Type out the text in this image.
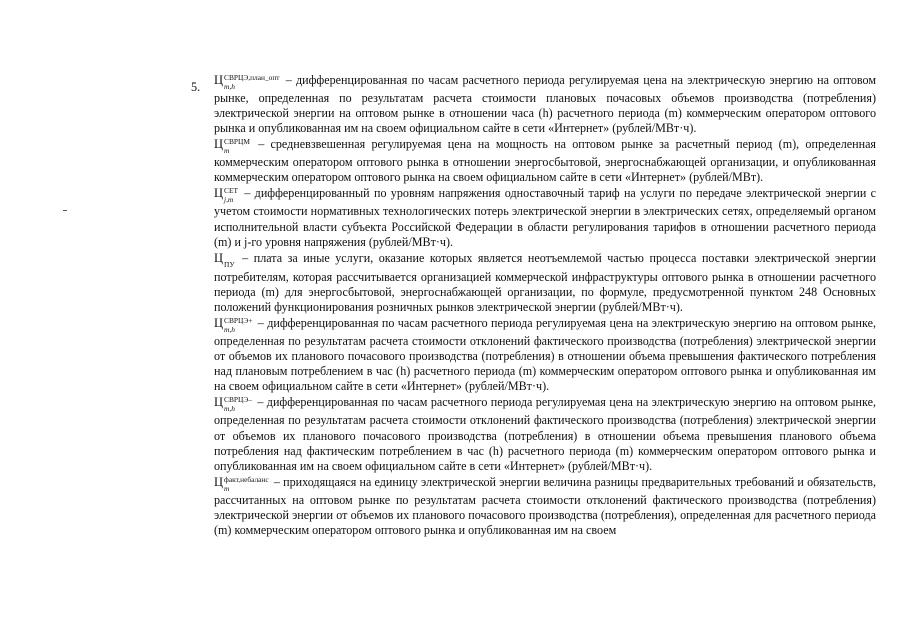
5. Ц СВРЦЭ,план_опт
m,h	– дифференцированная по часам расчетного периода регулируемая цена на электрическую энергию на оптовом рынке, определенная по результатам расчета стоимости плановых почасовых объемов производства (потребления) электрической энергии на оптовом рынке в отношении часа (h) расчетного периода (m) коммерческим оператором оптового рынка и опубликованная им на своем официальном сайте в сети «Интернет» (рублей/МВт·ч).

Ц СВРЦМ
m	– средневзвешенная регулируемая цена на мощность на оптовом рынке за расчетный период (m), определенная коммерческим оператором оптового рынка в отношении энергосбытовой, энергоснабжающей организации, и опубликованная коммерческим оператором оптового рынка на своем официальном сайте в сети «Интернет» (рублей/МВт).

Ц СЕТ
j,m – дифференцированный по уровням напряжения одноставочный тариф на услуги по передаче электрической энергии с учетом стоимости нормативных технологических потерь электрической энергии в электрических сетях, определяемый органом исполнительной власти субъекта Российской Федерации в области регулирования тарифов в отношении расчетного периода (m) и j-го уровня напряжения (рублей/МВт·ч).

Ц ПУ – плата за иные услуги, оказание которых является неотъемлемой частью процесса поставки электрической энергии потребителям, которая рассчитывается организацией коммерческой инфраструктуры оптового рынка в отношении расчетного периода (m) для энергосбытовой, энергоснабжающей организации, по формуле, предусмотренной пунктом 248 Основных положений функционирования розничных рынков электрической энергии (рублей/МВт·ч).

Ц СВРЦЭ+
m,h	– дифференцированная по часам расчетного периода регулируемая цена на электрическую энергию на оптовом рынке, определенная по результатам расчета стоимости отклонений фактического производства (потребления) электрической энергии от объемов их планового почасового производства (потребления) в отношении объема превышения фактического потребления над плановым потреблением в час (h) расчетного периода (m) коммерческим оператором оптового рынка и опубликованная им на своем официальном сайте в сети «Интернет» (рублей/МВт·ч).

Ц СВРЦЭ–
m,h	– дифференцированная по часам расчетного периода регулируемая цена на электрическую энергию на оптовом рынке, определенная по результатам расчета стоимости отклонений фактического производства (потребления) электрической энергии от объемов их планового почасового производства (потребления) в отношении объема превышения планового объема потребления над фактическим потреблением в час (h) расчетного периода (m) коммерческим оператором оптового рынка и опубликованная им на своем официальном сайте в сети «Интернет» (рублей/МВт·ч).

Ц факт,небаланс
m	– приходящаяся на единицу электрической энергии величина разницы предварительных требований и обязательств, рассчитанных на оптовом рынке по результатам расчета стоимости отклонений фактического производства (потребления) электрической энергии от объемов их планового почасового производства (потребления), определенная для расчетного периода (m) коммерческим оператором оптового рынка и опубликованная им на своем
